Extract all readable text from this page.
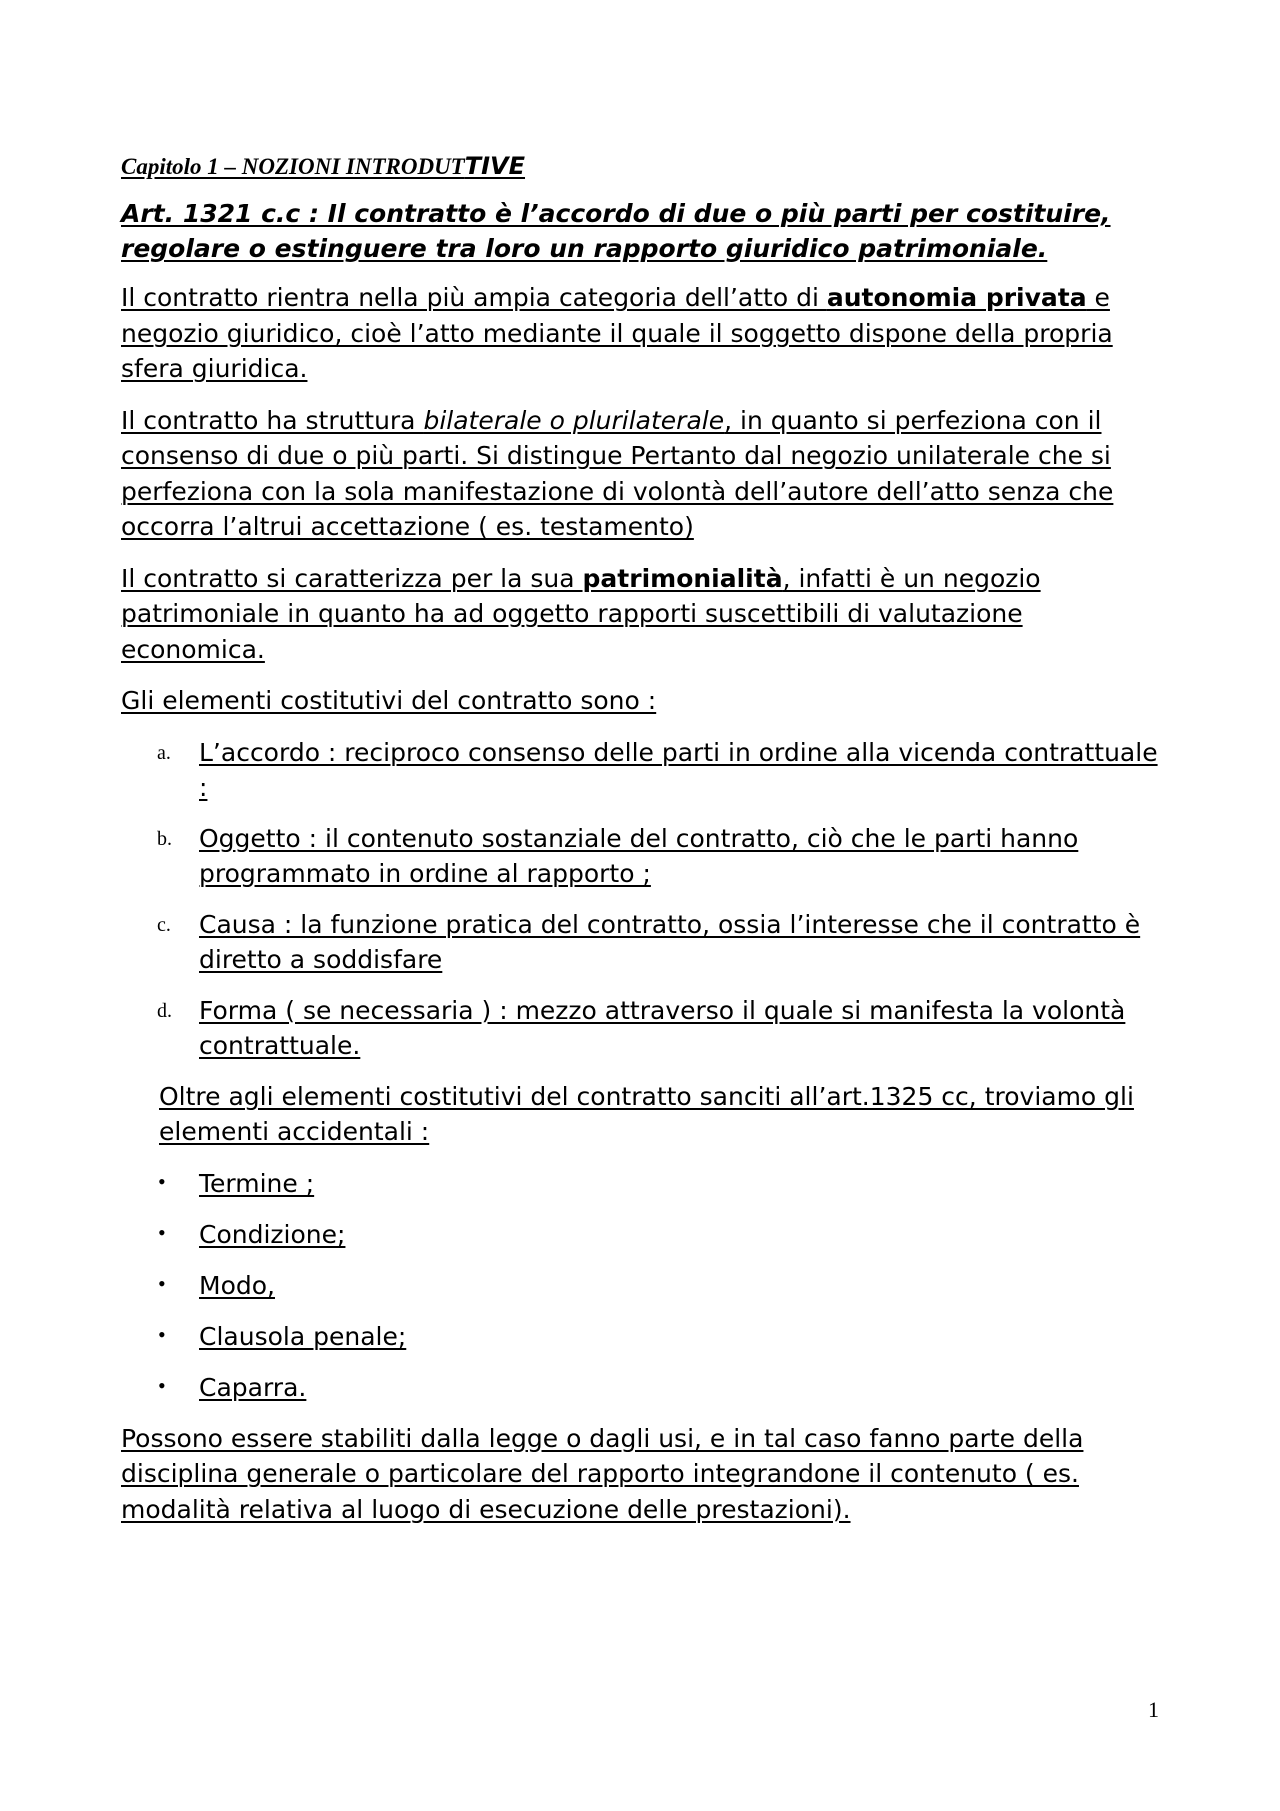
Capitolo 1 – NOZIONI INTRODUTTIVE
Art. 1321 c.c : Il contratto è l’accordo di due o più parti per costituire, regolare o estinguere tra loro un rapporto giuridico patrimoniale.

Il contratto rientra nella più ampia categoria dell’atto di autonomia privata e negozio giuridico, cioè l’atto mediante il quale il soggetto dispone della propria sfera giuridica.

Il contratto ha struttura bilaterale o plurilaterale, in quanto si perfeziona con il consenso di due o più parti. Si distingue Pertanto dal negozio unilaterale che si perfeziona con la sola manifestazione di volontà dell’autore dell’atto senza che occorra l’altrui accettazione ( es. testamento)

Il contratto si caratterizza per la sua patrimonialità, infatti è un negozio patrimoniale in quanto ha ad oggetto rapporti suscettibili di valutazione economica.

Gli elementi costitutivi del contratto sono :

a. L’accordo : reciproco consenso delle parti in ordine alla vicenda contrattuale :
b. Oggetto : il contenuto sostanziale del contratto, ciò che le parti hanno programmato in ordine al rapporto ;
c. Causa : la funzione pratica del contratto, ossia l’interesse che il contratto è diretto a soddisfare
d. Forma ( se necessaria ) : mezzo attraverso il quale si manifesta la volontà contrattuale.

Oltre agli elementi costitutivi del contratto sanciti all’art.1325 cc, troviamo gli elementi accidentali :

• Termine ;
• Condizione;
• Modo,
• Clausola penale;
• Caparra.

Possono essere stabiliti dalla legge o dagli usi, e in tal caso fanno parte della disciplina generale o particolare del rapporto integrandone il contenuto ( es. modalità relativa al luogo di esecuzione delle prestazioni).

1
